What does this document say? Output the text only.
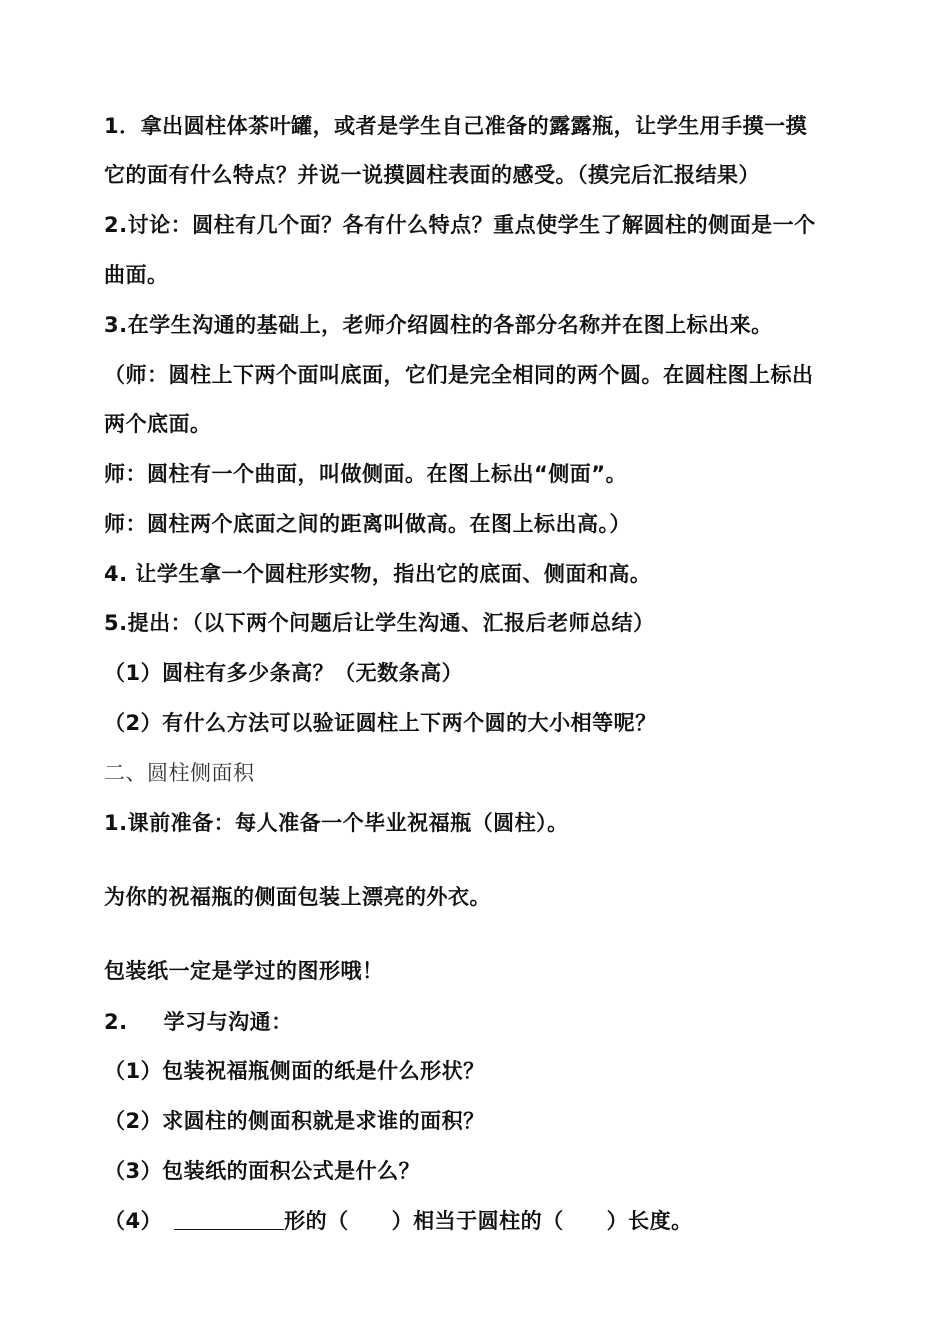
1．拿出圆柱体茶叶罐，或者是学生自己准备的露露瓶，让学生用手摸一摸
它的面有什么特点？并说一说摸圆柱表面的感受。（摸完后汇报结果）
2.讨论：圆柱有几个面？各有什么特点？重点使学生了解圆柱的侧面是一个
曲面。
3.在学生沟通的基础上，老师介绍圆柱的各部分名称并在图上标出来。
（师：圆柱上下两个面叫底面，它们是完全相同的两个圆。在圆柱图上标出
两个底面。
师：圆柱有一个曲面，叫做侧面。在图上标出“侧面”。
师：圆柱两个底面之间的距离叫做高。在图上标出高。）
4. 让学生拿一个圆柱形实物，指出它的底面、侧面和高。
5.提出：（以下两个问题后让学生沟通、汇报后老师总结）
（1）圆柱有多少条高？（无数条高）
（2）有什么方法可以验证圆柱上下两个圆的大小相等呢？
二、圆柱侧面积
1.课前准备：每人准备一个毕业祝福瓶（圆柱）。
为你的祝福瓶的侧面包装上漂亮的外衣。
包装纸一定是学过的图形哦！
2. 学习与沟通：
（1）包装祝福瓶侧面的纸是什么形状？
（2）求圆柱的侧面积就是求谁的面积？
（3）包装纸的面积公式是什么？
（4）	形的（　　）相当于圆柱的（　　）长度。
